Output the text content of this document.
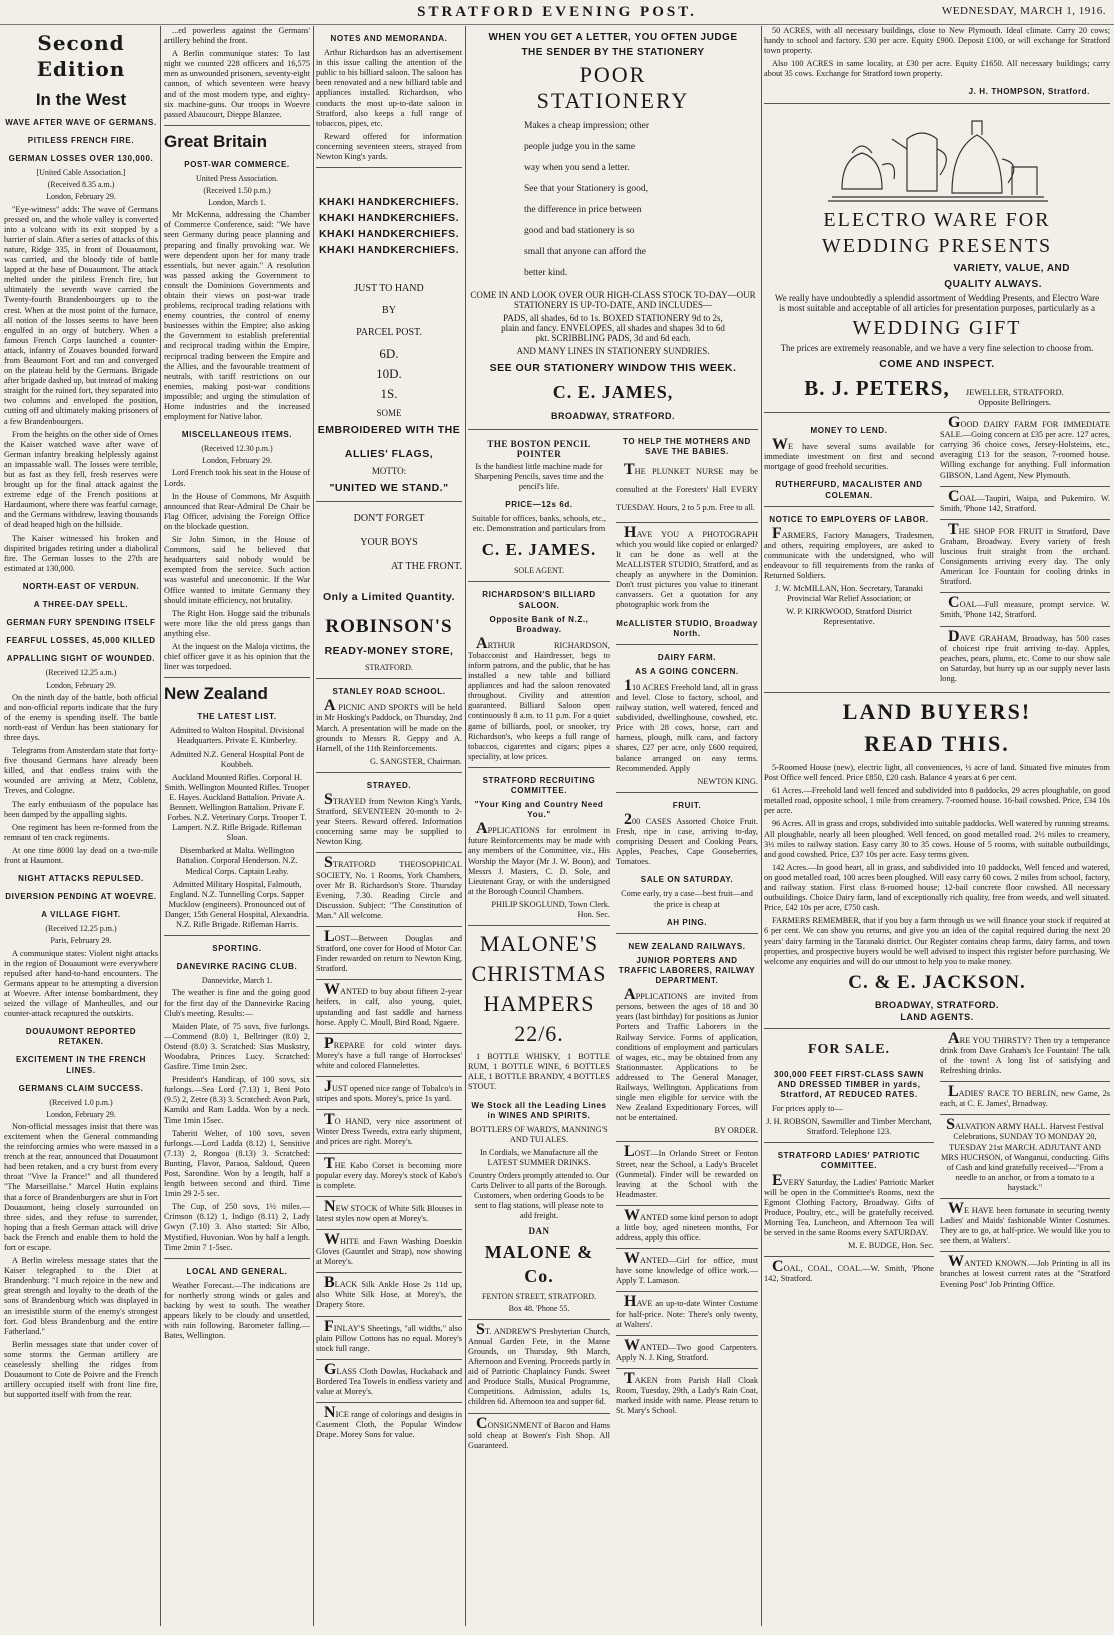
STRATFORD EVENING POST.	WEDNESDAY, MARCH 1, 1916.
Second Edition
In the West
WAVE AFTER WAVE OF GERMANS.
PITILESS FRENCH FIRE.
GERMAN LOSSES OVER 130,000.
[United Cable Association.]
(Received 8.35 a.m.)
London, February 29.

"Eye-witness" adds: The wave of Germans pressed on, and the whole valley is converted into a volcano with its exit stopped by a barrier of slain. After a series of attacks of this nature, Ridge 335, in front of Douaumont, was carried, and the bloody tide of battle lapped at the base of Douaumont. The attack melted under the pitiless French fire, but ultimately the seventh wave carried the Twenty-fourth Brandenbourgers up to the crest. When at the most point of the furnace, all notion of the losses seems to have been engulfed in an orgy of butchery. When a famous French Corps launched a counter-attack, infantry of Zouaves bounded forward from Beaumont Fort and ran and converged on the plateau held by the Germans. Brigade after brigade dashed up, but instead of making straight for the ruined fort, they separated into two columns and enveloped the position, cutting off and ultimately making prisoners of a few Brandenbourgers.

From the heights on the other side of Ornes the Kaiser watched wave after wave of German infantry breaking helplessly against an impassable wall. The losses were terrible, but as fast as they fell, fresh reserves were brought up for the final attack against the extreme edge of the French positions at Hardaumont, where there was fearful carnage, and the Germans withdrew, leaving thousands of dead heaped high on the hillside.

The Kaiser witnessed his broken and dispirited brigades retiring under a diabolical fire. The German losses to the 27th are estimated at 130,000.

NORTH-EAST OF VERDUN.
A THREE-DAY SPELL.
GERMAN FURY SPENDING ITSELF
FEARFUL LOSSES, 45,000 KILLED
APPALLING SIGHT OF WOUNDED.
(Received 12.25 a.m.)
London, February 29.

On the ninth day of the battle, both official and non-official reports indicate that the fury of the enemy is spending itself. The battle north-east of Verdun has been stationary for three days.

Telegrams from Amsterdam state that forty-five thousand Germans have already been killed, and that endless trains with the wounded are arriving at Metz, Coblenz, Treves, and Cologne.

The early enthusiasm of the populace has been damped by the appalling sights.

One regiment has been re-formed from the remnant of ten crack regiments.

At one time 8000 lay dead on a two-mile front at Haumont.

NIGHT ATTACKS REPULSED.
DIVERSION PENDING AT WOEVRE.
A VILLAGE FIGHT.
(Received 12.25 p.m.)
Paris, February 29.

A communique states: Violent night attacks in the region of Douaumont were everywhere repulsed after hand-to-hand encounters. The Germans appear to be attempting a diversion at Woevre. After intense bombardment, they seized the village of Manheulles, and our counter-attack recaptured the outskirts.

DOUAUMONT REPORTED RETAKEN.
EXCITEMENT IN THE FRENCH LINES.
GERMANS CLAIM SUCCESS.
(Received 1.0 p.m.)
London, February 29.

Non-official messages insist that there was excitement when the General commanding the reinforcing armies who were massed in a trench at the rear, announced that Douaumont had been retaken, and a cry burst from every throat "Vive la France!" and all thundered "The Marseillaise." Marcel Hutin explains that a force of Brandenburgers are shut in Fort Douaumont, being closely surrounded on three sides, and they refuse to surrender, hoping that a fresh German attack will drive back the French and enable them to hold the fort or escape.

A Berlin wireless message states that the Kaiser telegraphed to the Diet at Brandenburg: "I much rejoice in the new and great strength and loyalty to the death of the sons of Brandenburg which was displayed in an irresistible storm of the enemy's strongest fort. God bless Brandenburg and the entire Fatherland."

Berlin messages state that under cover of some storms the German artillery are ceaselessly shelling the ridges from Douaumont to Cote de Poivre and the French artillery occupied itself with front line fire, but supported itself with from the rear.

...ed powerless against the Germans' artillery behind the front.

A Berlin communique states: To last night we counted 228 officers and 16,575 men as unwounded prisoners, seventy-eight cannon, of which seventeen were heavy and of the most modern type, and eighty-six machine-guns. Our troops in Woevre passed Abaucourt, Dieppe Blanzee.

Great Britain
POST-WAR COMMERCE.
United Press Association.
(Received 1.50 p.m.)
London, March 1.

Mr McKenna, addressing the Chamber of Commerce Conference, said: "We have seen Germany during peace planning and preparing and finally provoking war. We were dependent upon her for many trade essentials, but never again." A resolution was passed asking the Government to consult the Dominions Governments and obtain their views on post-war trade problems, reciprocal trading relations with enemy countries, the control of enemy businesses within the Empire; also asking the Government to establish preferential and reciprocal trading within the Empire, reciprocal trading between the Empire and the Allies, and the favourable treatment of neutrals, with tariff restrictions on our enemies, making post-war conditions impossible; and urging the stimulation of Home industries and the increased employment for Native labor.

MISCELLANEOUS ITEMS.
(Received 12.30 p.m.)
London, February 29.

Lord French took his seat in the House of Lords.

In the House of Commons, Mr Asquith announced that Rear-Admiral De Chair be Flag Officer, advising the Foreign Office on the blockade question.

Sir John Simon, in the House of Commons, said he believed that headquarters said nobody would be exempted from the service. Such action was wasteful and uneconomic. If the War Office wanted to imitate Germany they should imitate efficiency, not brutality.

The Right Hon. Hogge said the tribunals were more like the old press gangs than anything else.

At the inquest on the Maloja victims, the chief officer gave it as his opinion that the liner was torpedoed.

New Zealand
THE LATEST LIST.

Admitted to Walton Hospital. Divisional Headquarters. Private E. Kimberley.

Admitted N.Z. General Hospital Pont de Koubbeh.

Auckland Mounted Rifles. Corporal H. Smith. Wellington Mounted Rifles. Trooper E. Hayes. Auckland Battalion. Private A. Bennett. Wellington Battalion. Private F. Forbes. N.Z. Veterinary Corps. Trooper T. Lampert. N.Z. Rifle Brigade. Rifleman Sloan.

Disembarked at Malta. Wellington Battalion. Corporal Henderson. N.Z. Medical Corps. Captain Leahy.

Admitted Military Hospital, Falmouth, England. N.Z. Tunnelling Corps. Sapper Mucklow (engineers). Pronounced out of Danger, 15th General Hospital, Alexandria. N.Z. Rifle Brigade. Rifleman Harris.

SPORTING.
DANEVIRKE RACING CLUB.
Dannevirke, March 1.

The weather is fine and the going good for the first day of the Dannevirke Racing Club's meeting. Results:—

Maiden Plate, of 75 sovs, five furlongs.—Commend (8.0) 1, Bellringer (8.0) 2, Ostend (8.0) 3. Scratched: Sias Muskstry, Woodabra, Princes Lucy. Scratched: Gasfire. Time 1min 2sec.

President's Handicap, of 100 sovs, six furlongs.—Sea Lord (7.13) 1, Beni Poto (9.5) 2, Zetre (8.3) 3. Scratched: Avon Park, Kamiki and Ram Ladda. Won by a neck. Time 1min 15sec.

Taheriti Welter, of 100 sovs, seven furlongs.—Lord Ladda (8.12) 1, Sensitive (7.13) 2, Rongoa (8.13) 3. Scratched: Bunting, Flavor, Paraoa, Saldoud, Queen Post, Sarondine. Won by a length, half a length between second and third. Time 1min 29 2-5 sec.

The Cup, of 250 sovs, 1½ miles.—Crimson (8.12) 1, Indigo (8.11) 2, Lady Gwyn (7.10) 3. Also started: Sir Albo, Mystified, Huvonian. Won by half a length. Time 2min 7 1-5sec.

LOCAL AND GENERAL.

Weather Forecast.—The indications are for northerly strong winds or gales and backing by west to south. The weather appears likely to be cloudy and unsettled, with rain following. Barometer falling.—Bates, Wellington.

NOTES AND MEMORANDA.

Arthur Richardson has an advertisement in this issue calling the attention of the public to his billiard saloon. The saloon has been renovated and a new billiard table and appliances installed. Richardson, who conducts the most up-to-date saloon in Stratford, also keeps a full range of tobaccos, pipes, etc.

Reward offered for information concerning seventeen steers, strayed from Newton King's yards.

KHAKI HANDKERCHIEFS.
KHAKI HANDKERCHIEFS.
KHAKI HANDKERCHIEFS.
KHAKI HANDKERCHIEFS.
JUST TO HAND
BY
PARCEL POST.
6D.
10D.
1S.
SOME
EMBROIDERED WITH THE
ALLIES' FLAGS,
MOTTO:
"UNITED WE STAND."
DON'T FORGET
YOUR BOYS
AT THE FRONT.
Only a Limited Quantity.
ROBINSON'S
READY-MONEY STORE,
STRATFORD.
STANLEY ROAD SCHOOL.

A PICNIC AND SPORTS will be held in Mr Hosking's Paddock, on Thursday, 2nd March. A presentation will be made on the grounds to Messrs R. Geppy and A. Harnell, of the 11th Reinforcements.

G. SANGSTER, Chairman.

STRAYED.

STRAYED from Newton King's Yards, Stratford, SEVENTEEN 20-month to 2-year Steers. Reward offered. Information concerning same may be supplied to Newton King.

STRATFORD THEOSOPHICAL SOCIETY, No. 1 Rooms, York Chambers, over Mr B. Richardson's Store. Thursday Evening, 7.30. Reading Circle and Discussion. Subject: "The Constitution of Man." All welcome.

LOST—Between Douglas and Stratford, one cover for Hood of Motor Car. Finder rewarded on return to Newton King, Stratford.

WANTED to buy about fifteen 2-year heifers, in calf, also young, quiet, upstanding and fast saddle and harness horse. Apply C. Moull, Bird Road, Ngaere.

PREPARE for cold winter days. Morey's have a full range of Horrockses' white and colored Flannelettes.

JUST opened nice range of Tobalco's in stripes and spots. Morey's, price 1s yard.

TO HAND, very nice assortment of Winter Dress Tweeds, extra early shipment, and prices are right. Morey's.

THE Kabo Corset is becoming more popular every day. Morey's stock of Kabo's is complete.

NEW STOCK of White Silk Blouses in latest styles now open at Morey's.

WHITE and Fawn Washing Doeskin Gloves (Gauntlet and Strap), now showing at Morey's.

BLACK Silk Ankle Hose 2s 11d up, also White Silk Hose, at Morey's, the Drapery Store.

FINLAY'S Sheetings, "all widths," also plain Pillow Cottons has no equal. Morey's stock full range.

GLASS Cloth Dowlas, Huckaback and Bordered Tea Towels in endless variety and value at Morey's.

NICE range of colorings and designs in Casement Cloth, the Popular Window Drape. Morey Sons for value.

WHEN YOU GET A LETTER, YOU OFTEN JUDGE
THE SENDER BY THE STATIONERY
POOR
STATIONERY

Makes a cheap impression; other

people judge you in the same

way when you send a letter.

See that your Stationery is good,

the difference in price between

good and bad stationery is so

small that anyone can afford the

better kind.

COME IN AND LOOK OVER OUR HIGH-CLASS STOCK TO-DAY—OUR STATIONERY IS UP-TO-DATE, AND INCLUDES—

PADS, all shades, 6d to 1s. BOXED STATIONERY 9d to 2s, plain and fancy. ENVELOPES, all shades and shapes 3d to 6d pkt. SCRIBBLING PADS, 3d and 6d each.

AND MANY LINES IN STATIONERY SUNDRIES.

SEE OUR STATIONERY WINDOW THIS WEEK.
C. E. JAMES,
BROADWAY, STRATFORD.
THE BOSTON PENCIL POINTER

Is the handiest little machine made for Sharpening Pencils, saves time and the pencil's life.

PRICE—12s 6d.

Suitable for offices, banks, schools, etc., etc. Demonstration and particulars from

C. E. JAMES.
SOLE AGENT.
RICHARDSON'S BILLIARD SALOON.
Opposite Bank of N.Z., Broadway.

ARTHUR RICHARDSON, Tobacconist and Hairdresser, begs to inform patrons, and the public, that he has installed a new table and billiard appliances and had the saloon renovated throughout. Civility and attention guaranteed. Billiard Saloon open continuously 8 a.m. to 11 p.m. For a quiet game of billiards, pool, or snooker, try Richardson's, who keeps a full range of tobaccos, cigarettes and cigars; pipes a speciality, at low prices.

STRATFORD RECRUITING COMMITTEE.
"Your King and Country Need You."

APPLICATIONS for enrolment in future Reinforcements may be made with any members of the Committee, viz., His Worship the Mayor (Mr J. W. Boon), and Messrs J. Masters, C. D. Sole, and Lieutenant Gray, or with the undersigned at the Borough Council Chambers.

PHILIP SKOGLUND, Town Clerk. Hon. Sec.

MALONE'S
CHRISTMAS
HAMPERS
22/6.

1 BOTTLE WHISKY, 1 BOTTLE RUM, 1 BOTTLE WINE, 6 BOTTLES ALE, 1 BOTTLE BRANDY, 4 BOTTLES STOUT.

We Stock all the Leading Lines in WINES AND SPIRITS.

BOTTLERS OF WARD'S, MANNING'S AND TUI ALES.

In Cordials, we Manufacture all the LATEST SUMMER DRINKS.

Country Orders promptly attended to. Our Carts Deliver to all parts of the Borough. Customers, when ordering Goods to be sent to flag stations, will please note to add freight.

DAN
MALONE & Co.
FENTON STREET, STRATFORD.
Box 48. 'Phone 55.

ST. ANDREW'S Presbyterian Church, Annual Garden Fete, in the Manse Grounds, on Thursday, 9th March, Afternoon and Evening. Proceeds partly in aid of Patriotic Chaplaincy Funds. Sweet and Produce Stalls, Musical Programme, Competitions. Admission, adults 1s, children 6d. Afternoon tea and supper 6d.

CONSIGNMENT of Bacon and Hams sold cheap at Bowen's Fish Shop. All Guaranteed.

TO HELP THE MOTHERS AND SAVE THE BABIES.

THE PLUNKET NURSE may be consulted at the Foresters' Hall EVERY TUESDAY. Hours, 2 to 5 p.m. Free to all.

HAVE YOU A PHOTOGRAPH which you would like copied or enlarged? It can be done as well at the McALLISTER STUDIO, Stratford, and as cheaply as anywhere in the Dominion. Don't trust pictures you value to itinerant canvassers. Get a quotation for any photographic work from the

McALLISTER STUDIO, Broadway North.
DAIRY FARM.
AS A GOING CONCERN.

110 ACRES Freehold land, all in grass and level. Close to factory, school, and railway station, well watered, fenced and subdivided, dwellinghouse, cowshed, etc. Price with 28 cows, horse, cart and harness, plough, milk cans, and factory shares, £27 per acre, only £600 required, balance arranged on easy terms. Recommended. Apply

NEWTON KING.

FRUIT.

200 CASES Assorted Choice Fruit. Fresh, ripe in case, arriving to-day, comprising Dessert and Cooking Pears, Apples, Peaches, Cape Gooseberries, Tomatoes.

SALE ON SATURDAY.

Come early, try a case—best fruit—and the price is cheap at

AH PING.
NEW ZEALAND RAILWAYS.
JUNIOR PORTERS AND TRAFFIC LABORERS, RAILWAY DEPARTMENT.

APPLICATIONS are invited from persons, between the ages of 18 and 30 years (last birthday) for positions as Junior Porters and Traffic Laborers in the Railway Service. Forms of application, conditions of employment and particulars of wages, etc., may be obtained from any Stationmaster. Applications to be addressed to The General Manager, Railways, Wellington. Applications from single men eligible for service with the New Zealand Expeditionary Forces, will not be entertained.

BY ORDER.

LOST—In Orlando Street or Fenton Street, near the School, a Lady's Bracelet (Gunmetal). Finder will be rewarded on leaving at the School with the Headmaster.

WANTED some kind person to adopt a little boy, aged nineteen months, For address, apply this office.

WANTED—Girl for office, must have some knowledge of office work.—Apply T. Lamason.

HAVE an up-to-date Winter Costume for half-price. Note: There's only twenty, at Walters'.

WANTED—Two good Carpenters. Apply N. J. King, Stratford.

TAKEN from Parish Hall Cloak Room, Tuesday, 29th, a Lady's Rain Coat, marked inside with name. Please return to St. Mary's School.

50 ACRES, with all necessary buildings, close to New Plymouth. Ideal climate. Carry 20 cows; handy to school and factory. £30 per acre. Equity £900. Deposit £100, or will exchange for Stratford town property.

Also 100 ACRES in same locality, at £30 per acre. Equity £1650. All necessary buildings; carry about 35 cows. Exchange for Stratford town property.

J. H. THOMPSON, Stratford.
ELECTRO WARE FOR
WEDDING PRESENTS
VARIETY, VALUE, AND
QUALITY ALWAYS.

We really have undoubtedly a splendid assortment of Wedding Presents, and Electro Ware is most suitable and acceptable of all articles for presentation purposes, particularly as a

WEDDING GIFT

The prices are extremely reasonable, and we have a very fine selection to choose from.

COME AND INSPECT.
B. J. PETERS,	JEWELLER, STRATFORD. Opposite Bellringers.
MONEY TO LEND.

WE have several sums available for immediate investment on first and second mortgage of good freehold securities.

RUTHERFURD, MACALISTER AND COLEMAN.
NOTICE TO EMPLOYERS OF LABOR.

FARMERS, Factory Managers, Tradesmen, and others, requiring employees, are asked to communicate with the undersigned, who will endeavour to fill requirements from the ranks of Returned Soldiers.

J. W. McMILLAN, Hon. Secretary, Taranaki Provincial War Relief Association; or

W. P. KIRKWOOD, Stratford District Representative.

GOOD DAIRY FARM FOR IMMEDIATE SALE.—Going concern at £35 per acre. 127 acres, carrying 36 choice cows, Jersey-Holsteins, etc., averaging £13 for the season, 7-roomed house. Willing exchange for anything. Full information GIBSON, Land Agent, New Plymouth.

COAL—Taupiri, Waipa, and Pukemiro. W. Smith, 'Phone 142, Stratford.

THE SHOP FOR FRUIT in Stratford, Dave Graham, Broadway. Every variety of fresh luscious fruit straight from the orchard. Consignments arriving every day. The only American Ice Fountain for cooling drinks in Stratford.

COAL—Full measure, prompt service. W. Smith, 'Phone 142, Stratford.

DAVE GRAHAM, Broadway, has 500 cases of choicest ripe fruit arriving to-day. Apples, peaches, pears, plums, etc. Come to our show sale on Saturday, but hurry up as our supply never lasts long.

LAND BUYERS!
READ THIS.

5-Roomed House (new), electric light, all conveniences, ½ acre of land. Situated five minutes from Post Office well fenced. Price £850, £20 cash. Balance 4 years at 6 per cent.

61 Acres.—Freehold land well fenced and subdivided into 8 paddocks, 29 acres ploughable, on good metalled road, opposite school, 1 mile from creamery. 7-roomed house. 16-bail cowshed. Price, £34 10s per acre.

96 Acres. All in grass and crops, subdivided into suitable paddocks. Well watered by running streams. All ploughable, nearly all been ploughed. Well fenced, on good metalled road. 2½ miles to creamery, 3½ miles to railway station. Easy carry 30 to 35 cows. House of 5 rooms, with suitable outbuildings, and good cowshed. Price, £37 10s per acre. Easy terms given.

142 Acres.—In good heart, all in grass, and subdivided into 10 paddocks, Well fenced and watered, on good metalled road, 100 acres been ploughed. Will easy carry 60 cows. 2 miles from school, factory, and railway station. First class 8-roomed house; 12-bail concrete floor cowshed. All necessary outbuildings. Choice Dairy farm, land of exceptionally rich quality, free from weeds, and well situated. Price, £42 10s per acre, £750 cash.

FARMERS REMEMBER, that if you buy a farm through us we will finance your stock if required at 6 per cent. We can show you returns, and give you an idea of the capital required during the next 20 years' dairy farming in the Taranaki district. Our Register contains cheap farms, dairy farms, and town properties, and prospective buyers would be well advised to inspect this register before purchasing. We welcome any enquiries and will do our utmost to help you to make money.

C. & E. JACKSON.
BROADWAY, STRATFORD.
LAND AGENTS.
FOR SALE.
300,000 FEET FIRST-CLASS SAWN AND DRESSED TIMBER in yards, Stratford, AT REDUCED RATES.

For prices apply to—

J. H. ROBSON, Sawmiller and Timber Merchant, Stratford. Telephone 123.

STRATFORD LADIES' PATRIOTIC COMMITTEE.

EVERY Saturday, the Ladies' Patriotic Market will be open in the Committee's Rooms, next the Egmont Clothing Factory, Broadway. Gifts of Produce, Poultry, etc., will be gratefully received. Morning Tea, Luncheon, and Afternoon Tea will be served in the same Rooms every SATURDAY.

M. E. BUDGE, Hon. Sec.

COAL, COAL, COAL.—W. Smith, 'Phone 142, Stratford.

ARE YOU THIRSTY? Then try a temperance drink from Dave Graham's Ice Fountain! The talk of the town! A long list of satisfying and Refreshing drinks.

LADIES' RACE TO BERLIN, new Game, 2s each, at C. E. James', Broadway.

SALVATION ARMY HALL. Harvest Festival Celebrations, SUNDAY TO MONDAY 20, TUESDAY 21st MARCH. ADJUTANT AND MRS HUCHSON, of Wanganui, conducting. Gifts of Cash and kind gratefully received—"From a needle to an anchor, or from a tomato to a haystack."

WE HAVE been fortunate in securing twenty Ladies' and Maids' fashionable Winter Costumes. They are to go, at half-price. We would like you to see them, at Walters'.

WANTED KNOWN.—Job Printing in all its branches at lowest current rates at the "Stratford Evening Post" Job Printing Office.
